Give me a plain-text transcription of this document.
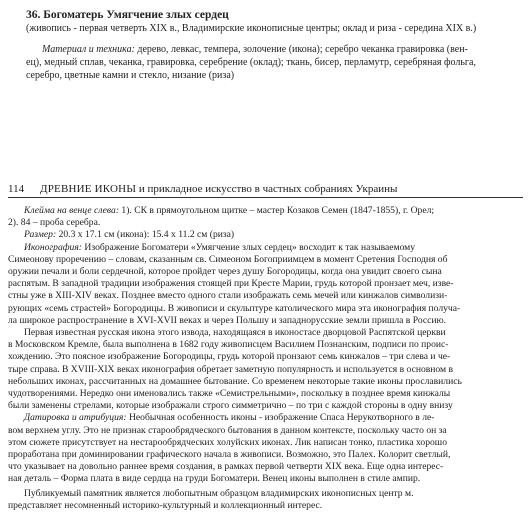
36. Богоматерь Умягчение злых сердец

(живопись - первая четверть XIX в., Владимирские иконописные центры; оклад и риза - середина XIX в.)

Материал и техника: дерево, левкас, темпера, золочение (икона); серебро чеканка гравировка (вен-
ец), медный сплав, чеканка, гравировка, серебрение (оклад); ткань, бисер, перламутр, серебряная фольга,
серебро, цветные камни и стекло, низание (риза)
114 ДРЕВНИЕ ИКОНЫ и прикладное искусство в частных собраниях Украины
Клейма на венце слева: 1). СК в прямоугольном щитке – мастер Козаков Семен (1847-1855), г. Орел;
2). 84 – проба серебра.
Размер: 20.3 x 17.1 см (икона): 15.4 x 11.2 см (риза)
Иконография: Изображение Богоматери «Умягчение злых сердец» восходит к так называемому
Симеонову проречению – словам, сказанным св. Симеоном Богоприимцем в момент Сретения Господня об
оружии печали и боли сердечной, которое пройдет через душу Богородицы, когда она увидит своего сына
распятым. В западной традиции изображения стоящей при Кресте Марии, грудь которой пронзает меч, изве-
стны уже в XIII-XIV веках. Позднее вместо одного стали изображать семь мечей или кинжалов символизи-
рующих «семь страстей» Богородицы. В живописи и скульптуре католического мира эта иконография получа-
ла широкое распространение в XVI-XVII веках и через Польшу и западнорусские земли пришла в Россию.
Первая известная русская икона этого извода, находящаяся в иконостасе дворцовой Распятской церкви
в Московском Кремле, была выполнена в 1682 году живописцем Василием Познанским, подписи по проис-
хождению. Это поясное изображение Богородицы, грудь которой пронзают семь кинжалов – три слева и че-
тыре справа. В XVIII-XIX веках иконография обретает заметную популярность и используется в основном в
небольших иконах, рассчитанных на домашнее бытование. Со временем некоторые такие иконы прославились
чудотворениями. Нередко они именовались также «Семистрельными», поскольку в позднее время кинжалы
были заменены стрелами, которые изображали строго симметрично – по три с каждой стороны в одну внизу
Датировка и атрибуция: Необычная особенность иконы - изображение Спаса Нерукотворного в ле-
вом верхнем углу. Это не признак старообрядческого бытования в данном контексте, поскольку часто он за
этом сюжете присутствует на нестарообрядческих холуйских иконах. Лик написан тонко, пластика хорошо
проработана при доминировании графического начала в живописи. Возможно, это Палех. Колорит светлый,
что указывает на довольно раннее время создания, в рамках первой четверти XIX века. Еще одна интерес-
ная деталь – Форма плата в виде сердца на груди Богоматери. Венец иконы выполнен в стиле ампир.
Публикуемый памятник является любопытным образцом владимирских иконописных центр м.
представляет несомненный историко-культурный и коллекционный интерес.
